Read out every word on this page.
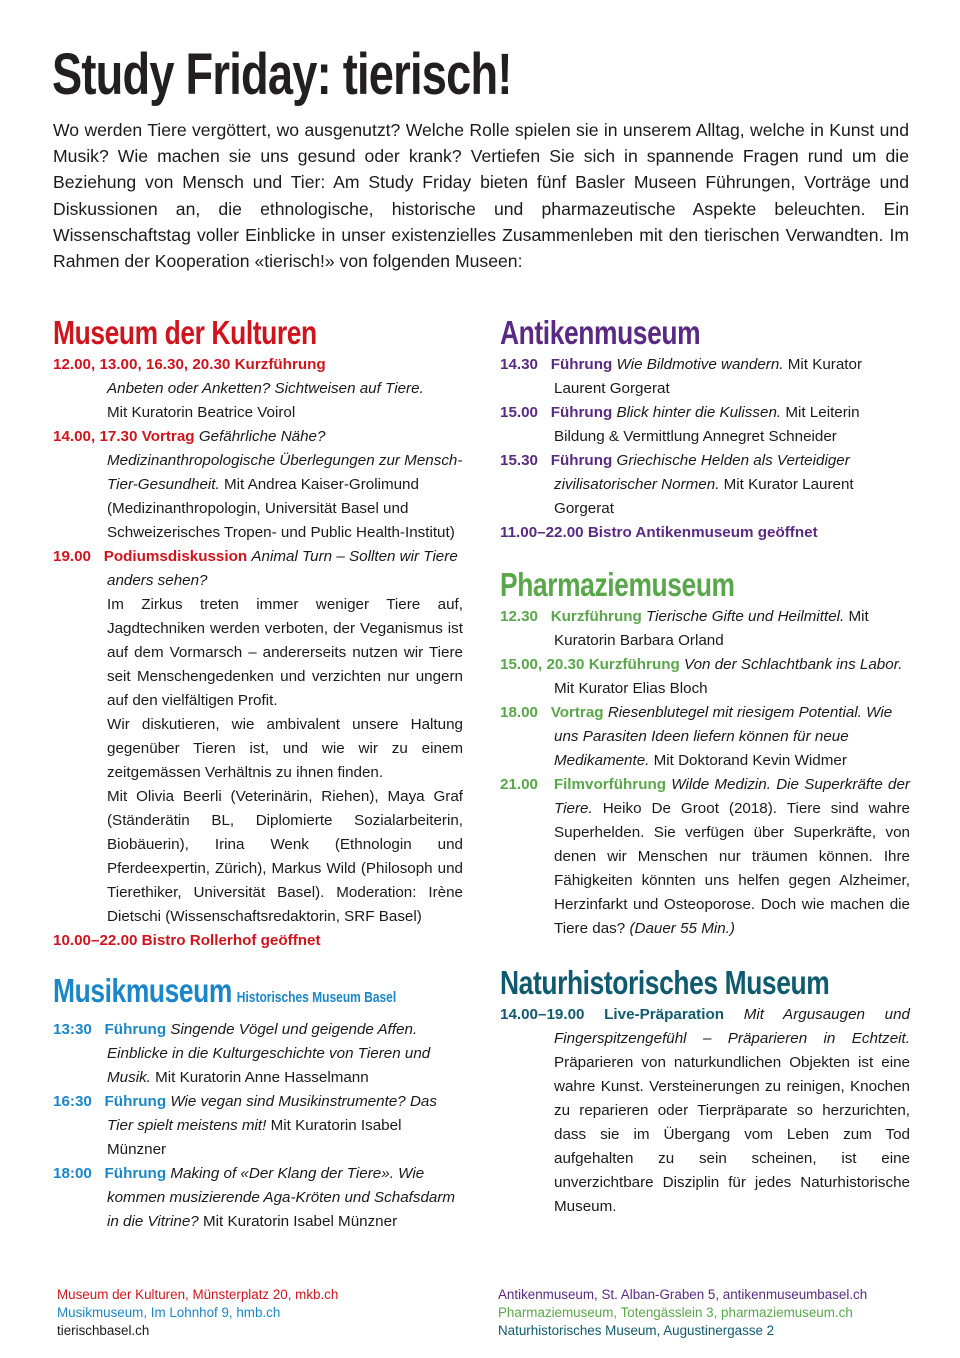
Study Friday: tierisch!

Wo werden Tiere vergöttert, wo ausgenutzt? Welche Rolle spielen sie in unserem Alltag, welche in Kunst und Musik? Wie machen sie uns gesund oder krank? Vertiefen Sie sich in spannende Fragen rund um die Beziehung von Mensch und Tier: Am Study Friday bieten fünf Basler Museen Führungen, Vorträge und Diskussionen an, die ethnologische, historische und pharmazeutische Aspekte beleuchten. Ein Wissenschaftstag voller Einblicke in unser existenzielles Zusammenleben mit den tierischen Verwandten. Im Rahmen der Kooperation «tierisch!» von folgenden Museen:

Museum der Kulturen
12.00, 13.00, 16.30, 20.30 Kurzführung
Anbeten oder Anketten? Sichtweisen auf Tiere.
Mit Kuratorin Beatrice Voirol
14.00, 17.30 Vortrag Gefährliche Nähe? Medizinanthropologische Überlegungen zur Mensch-Tier-Gesundheit. Mit Andrea Kaiser-Grolimund (Medizinanthropologin, Universität Basel und Schweizerisches Tropen- und Public Health-Institut)
19.00 Podiumsdiskussion Animal Turn – Sollten wir Tiere anders sehen?
Im Zirkus treten immer weniger Tiere auf, Jagdtechniken werden verboten, der Veganismus ist auf dem Vormarsch – andererseits nutzen wir Tiere seit Menschengedenken und verzichten nur ungern auf den vielfältigen Profit.
Wir diskutieren, wie ambivalent unsere Haltung gegenüber Tieren ist, und wie wir zu einem zeitgemässen Verhältnis zu ihnen finden.
Mit Olivia Beerli (Veterinärin, Riehen), Maya Graf (Ständerätin BL, Diplomierte Sozialarbeiterin, Biobäuerin), Irina Wenk (Ethnologin und Pferdeexpertin, Zürich), Markus Wild (Philosoph und Tierethiker, Universität Basel). Moderation: Irène Dietschi (Wissenschaftsredaktorin, SRF Basel)
10.00–22.00 Bistro Rollerhof geöffnet
Musikmuseum Historisches Museum Basel
13:30 Führung Singende Vögel und geigende Affen. Einblicke in die Kulturgeschichte von Tieren und Musik. Mit Kuratorin Anne Hasselmann
16:30 Führung Wie vegan sind Musikinstrumente? Das Tier spielt meistens mit! Mit Kuratorin Isabel Münzner
18:00 Führung Making of «Der Klang der Tiere». Wie kommen musizierende Aga-Kröten und Schafsdarm in die Vitrine? Mit Kuratorin Isabel Münzner
Antikenmuseum
14.30 Führung Wie Bildmotive wandern. Mit Kurator Laurent Gorgerat
15.00 Führung Blick hinter die Kulissen. Mit Leiterin Bildung & Vermittlung Annegret Schneider
15.30 Führung Griechische Helden als Verteidiger zivilisatorischer Normen. Mit Kurator Laurent Gorgerat
11.00–22.00 Bistro Antikenmuseum geöffnet
Pharmaziemuseum
12.30 Kurzführung Tierische Gifte und Heilmittel. Mit Kuratorin Barbara Orland
15.00, 20.30 Kurzführung Von der Schlachtbank ins Labor. Mit Kurator Elias Bloch
18.00 Vortrag Riesenblutegel mit riesigem Potential. Wie uns Parasiten Ideen liefern können für neue Medikamente. Mit Doktorand Kevin Widmer
21.00 Filmvorführung Wilde Medizin. Die Superkräfte der Tiere. Heiko De Groot (2018). Tiere sind wahre Superhelden. Sie verfügen über Superkräfte, von denen wir Menschen nur träumen können. Ihre Fähigkeiten könnten uns helfen gegen Alzheimer, Herzinfarkt und Osteoporose. Doch wie machen die Tiere das? (Dauer 55 Min.)
Naturhistorisches Museum
14.00–19.00 Live-Präparation Mit Argusaugen und Fingerspitzengefühl – Präparieren in Echtzeit. Präparieren von naturkundlichen Objekten ist eine wahre Kunst. Versteinerungen zu reinigen, Knochen zu reparieren oder Tierpräparate so herzurichten, dass sie im Übergang vom Leben zum Tod aufgehalten zu sein scheinen, ist eine unverzichtbare Disziplin für jedes Naturhistorische Museum.
Museum der Kulturen, Münsterplatz 20, mkb.ch
Musikmuseum, Im Lohnhof 9, hmb.ch
tierischbasel.ch
Antikenmuseum, St. Alban-Graben 5, antikenmuseumbasel.ch
Pharmaziemuseum, Totengässlein 3, pharmaziemuseum.ch
Naturhistorisches Museum, Augustinergasse 2
